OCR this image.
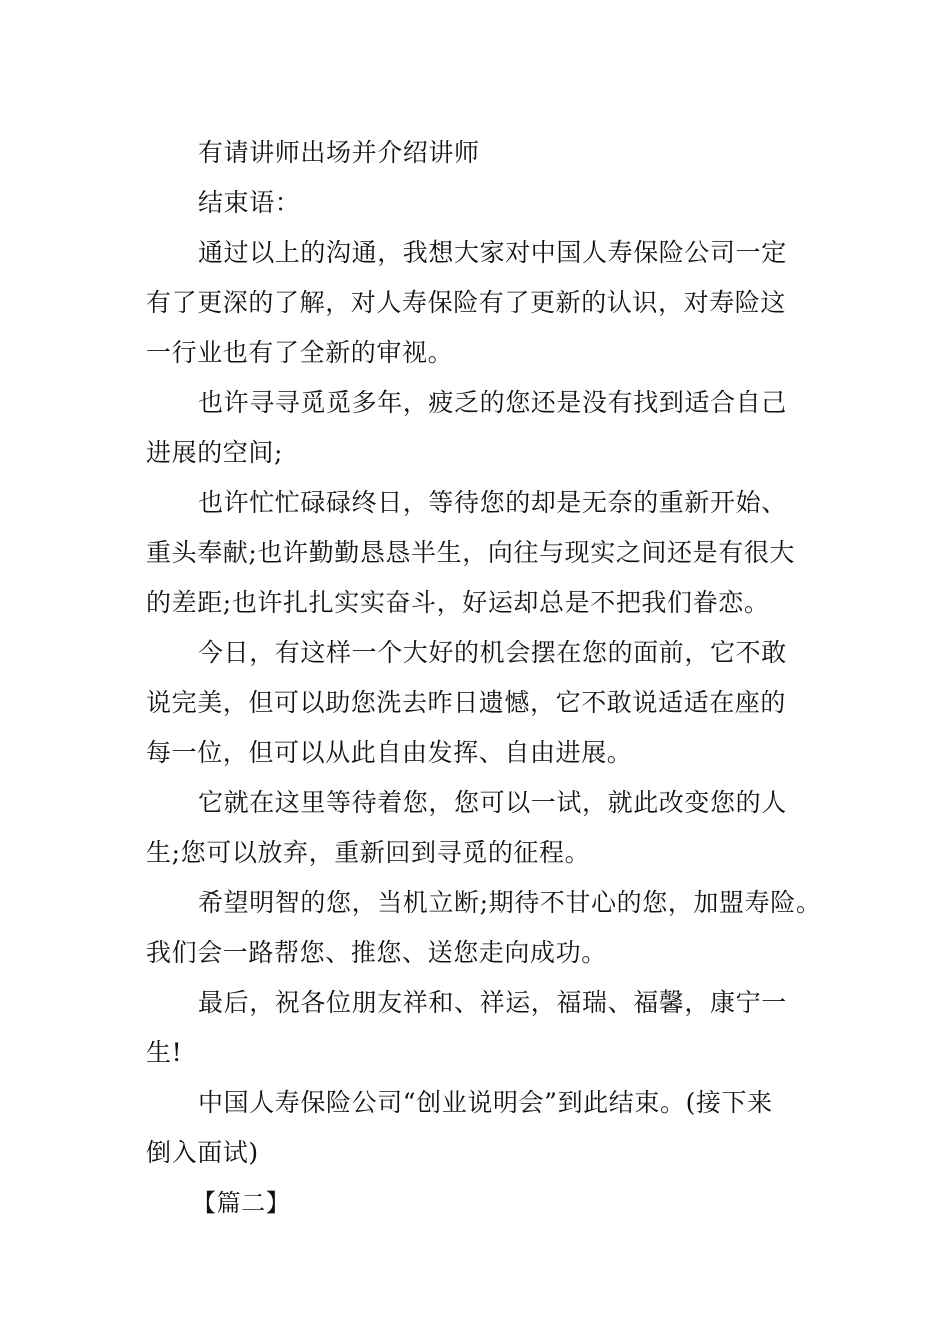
有请讲师出场并介绍讲师
结束语：
通过以上的沟通，我想大家对中国人寿保险公司一定
有了更深的了解，对人寿保险有了更新的认识，对寿险这
一行业也有了全新的审视。
也许寻寻觅觅多年，疲乏的您还是没有找到适合自己
进展的空间;
也许忙忙碌碌终日，等待您的却是无奈的重新开始、
重头奉献;也许勤勤恳恳半生，向往与现实之间还是有很大
的差距;也许扎扎实实奋斗，好运却总是不把我们眷恋。
今日，有这样一个大好的机会摆在您的面前，它不敢
说完美，但可以助您洗去昨日遗憾，它不敢说适适在座的
每一位，但可以从此自由发挥、自由进展。
它就在这里等待着您，您可以一试，就此改变您的人
生;您可以放弃，重新回到寻觅的征程。
希望明智的您，当机立断;期待不甘心的您，加盟寿险。
我们会一路帮您、推您、送您走向成功。
最后，祝各位朋友祥和、祥运，福瑞、福馨，康宁一
生!
中国人寿保险公司“创业说明会”到此结束。(接下来
倒入面试)
【篇二】
